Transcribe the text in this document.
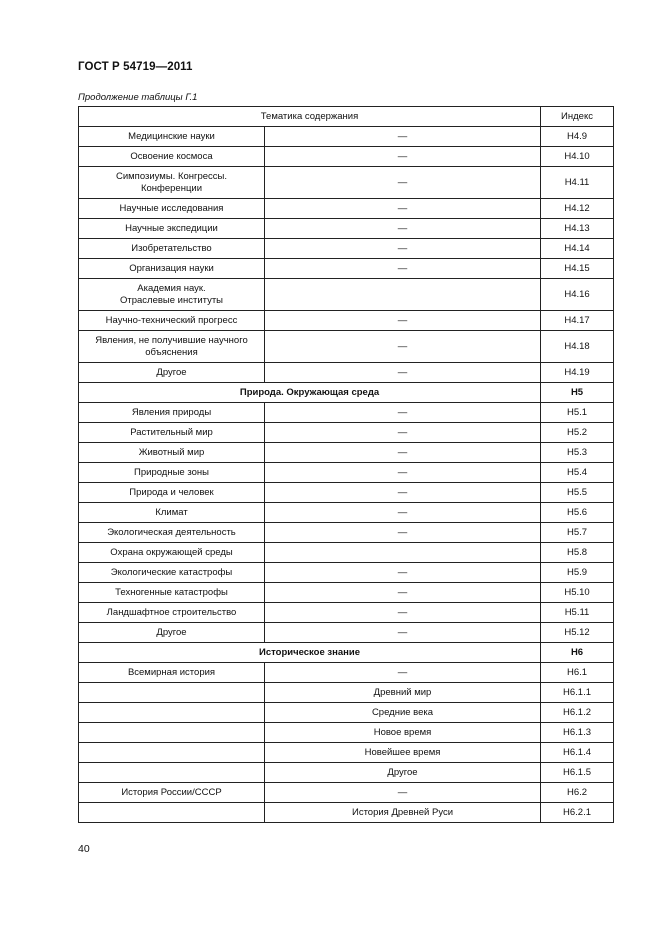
ГОСТ Р 54719—2011
Продолжение таблицы Г.1
Тематика содержания		Индекс
Медицинские науки	—	Н4.9
Освоение космоса	—	Н4.10
Симпозиумы. Конгрессы.
Конференции	—	Н4.11
Научные исследования	—	Н4.12
Научные экспедиции	—	Н4.13
Изобретательство	—	Н4.14
Организация науки	—	Н4.15
Академия наук.
Отраслевые институты		Н4.16
Научно-технический прогресс	—	Н4.17
Явления, не получившие научного
объяснения	—	Н4.18
Другое	—	Н4.19
Природа. Окружающая среда		Н5
Явления природы	—	Н5.1
Растительный мир	—	Н5.2
Животный мир	—	Н5.3
Природные зоны	—	Н5.4
Природа и человек	—	Н5.5
Климат	—	Н5.6
Экологическая деятельность	—	Н5.7
Охрана окружающей среды		Н5.8
Экологические катастрофы	—	Н5.9
Техногенные катастрофы	—	Н5.10
Ландшафтное строительство	—	Н5.11
Другое	—	Н5.12
Историческое знание		Н6
Всемирная история	—	Н6.1
	Древний мир	Н6.1.1
	Средние века	Н6.1.2
	Новое время	Н6.1.3
	Новейшее время	Н6.1.4
	Другое	Н6.1.5
История России/СССР	—	Н6.2
	История Древней Руси	Н6.2.1
40
